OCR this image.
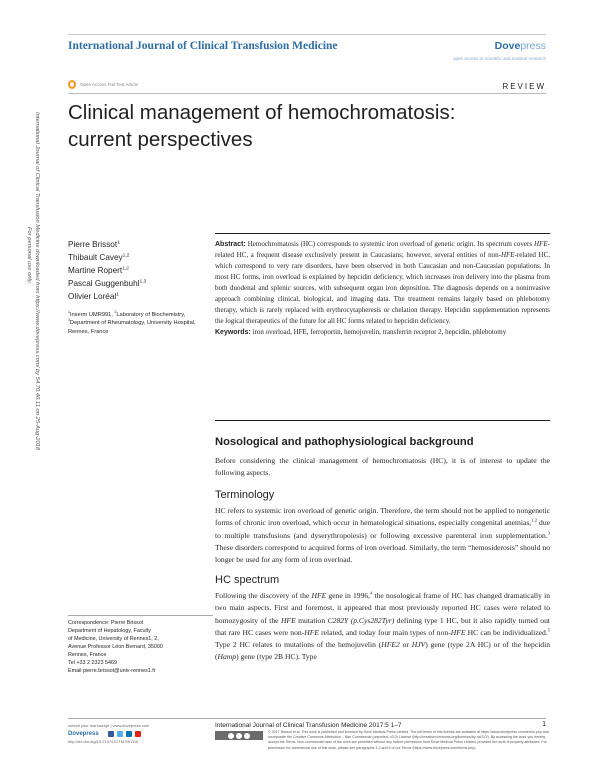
International Journal of Clinical Transfusion Medicine	Dovepress
open access to scientific and medical research
Open Access Full Text Article	REVIEW
Clinical management of hemochromatosis:
current perspectives
International Journal of Clinical Transfusion Medicine downloaded from https://www.dovepress.com/ by 54.70.40.11 on 25-Aug-2018
For personal use only.	Pierre Brissot$^1$
Thibault Cavey$^{1,2}$
Martine Ropert$^{1,2}$
Pascal Guggenbuhl$^{1,3}$
Olivier Loréal$^1$
$^1$Inserm UMR991, $^2$Laboratory of Biochemistry, $^3$Department of Rheumatology, University Hospital, Rennes, France
Correspondence: Pierre Brissot
Department of Hepatology, Faculty
of Medicine, University of Rennes1, 2,
Avenue Professor Léon Bernard, 35000
Rennes, France
Tel +33 2 2323 5469
Email pierre.brissot@univ-rennes1.fr
Abstract: Hemochromatosis (HC) corresponds to systemic iron overload of genetic origin. Its spectrum covers HFE-related HC, a frequent disease exclusively present in Caucasians; however, several entities of non-HFE-related HC, which correspond to very rare disorders, have been observed in both Caucasian and non-Caucasian populations. In most HC forms, iron overload is explained by hepcidin deficiency, which increases iron delivery into the plasma from both duodenal and splenic sources, with subsequent organ iron deposition. The diagnosis depends on a noninvasive approach combining clinical, biological, and imaging data. The treatment remains largely based on phlebotomy therapy, which is rarely replaced with erythrocytapheresis or chelation therapy. Hepcidin supplementation represents the logical therapeutics of the future for all HC forms related to hepcidin deficiency.
Keywords: iron overload, HFE, ferroportin, hemojuvelin, transferrin receptor 2, hepcidin, phlebotomy
Nosological and pathophysiological background
Before considering the clinical management of hemochromatosis (HC), it is of interest to update the following aspects.
Terminology
HC refers to systemic iron overload of genetic origin. Therefore, the term should not be applied to nongenetic forms of chronic iron overload, which occur in hematological situations, especially congenital anemias,$^{1,2}$ due to multiple transfusions (and dyserythropoiesis) or following excessive parenteral iron supplementation.$^3$ These disorders correspond to acquired forms of iron overload. Similarly, the term “hemosiderosis” should no longer be used for any form of iron overload.
HC spectrum
Following the discovery of the HFE gene in 1996,$^4$ the nosological frame of HC has changed dramatically in two main aspects. First and foremost, it appeared that most previously reported HC cases were related to homozygosity of the HFE mutation C282Y (p.Cys282Tyr) defining type 1 HC, but it also rapidly turned out that rare HC cases were non-HFE related, and today four main types of non-HFE HC can be individualized.$^5$ Type 2 HC relates to mutations of the hemojuvelin (HFE2 or HJV) gene (type 2A HC) or of the hepcidin (Hamp) gene (type 2B HC). Type
submit your manuscript | www.dovepress.com
Dovepress
http://dx.doi.org/10.2147/IJCTM.S91116
International Journal of Clinical Transfusion Medicine 2017:5 1–7	1
© 2017 Brissot et al. This work is published and licensed by Dove Medical Press Limited. The full terms of this license are available at https://www.dovepress.com/terms.php and incorporate the Creative Commons Attribution – Non Commercial (unported, v3.0) License (http://creativecommons.org/licenses/by-nc/3.0/). By accessing the work you hereby accept the Terms. Non-commercial uses of the work are permitted without any further permission from Dove Medical Press Limited, provided the work is properly attributed. For permission for commercial use of this work, please see paragraphs 4.2 and 5 of our Terms (https://www.dovepress.com/terms.php).
